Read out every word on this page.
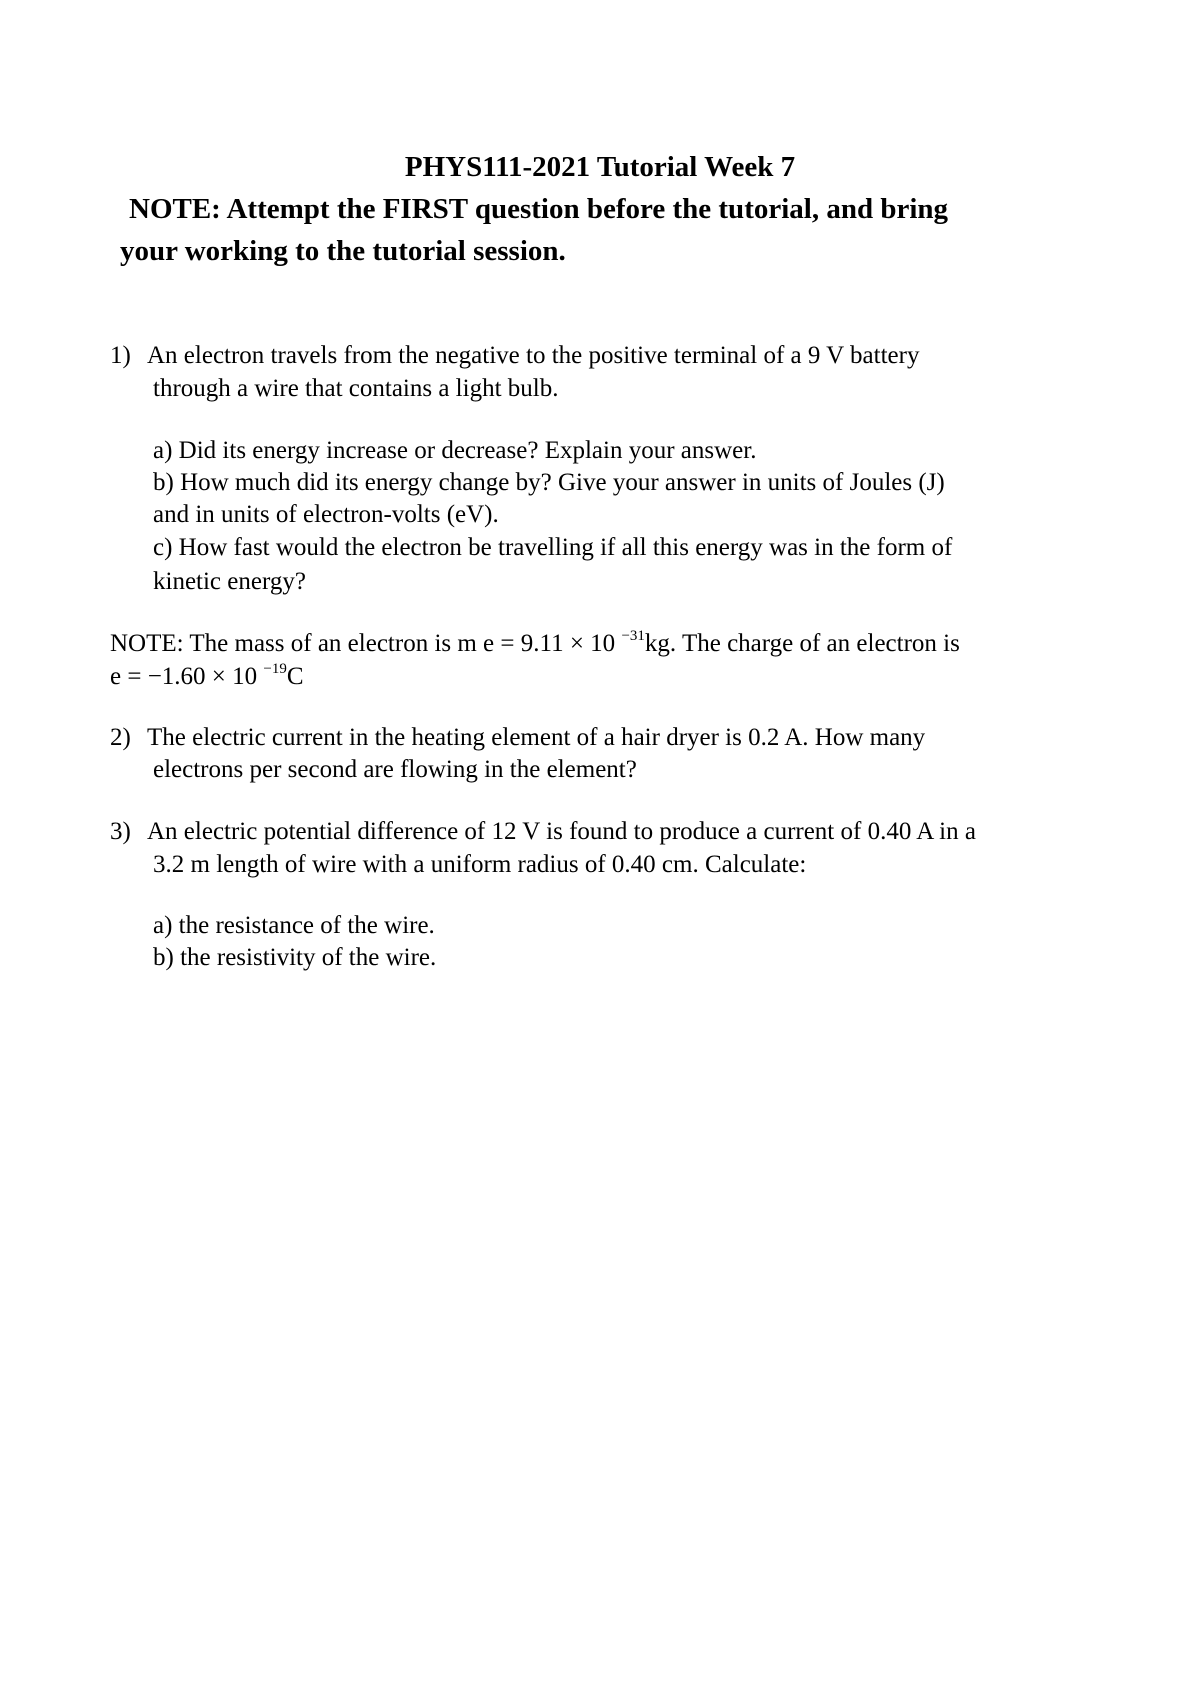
PHYS111-2021 Tutorial Week 7

NOTE: Attempt the FIRST question before the tutorial, and bring

your working to the tutorial session.

1) An electron travels from the negative to the positive terminal of a 9 V battery
through a wire that contains a light bulb.
a) Did its energy increase or decrease? Explain your answer.
b) How much did its energy change by? Give your answer in units of Joules (J)
and in units of electron-volts (eV).
c) How fast would the electron be travelling if all this energy was in the form of
kinetic energy?
NOTE: The mass of an electron is m e = 9.11 × 10 $^{-31}$kg. The charge of an electron is
e = −1.60 × 10 $^{-19}$C
2) The electric current in the heating element of a hair dryer is 0.2 A. How many
electrons per second are flowing in the element?
3) An electric potential difference of 12 V is found to produce a current of 0.40 A in a
3.2 m length of wire with a uniform radius of 0.40 cm. Calculate:
a) the resistance of the wire.
b) the resistivity of the wire.
